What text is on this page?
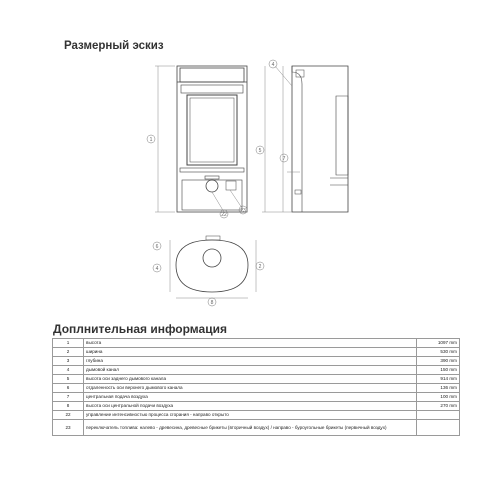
Размерный эскиз
1
22
23
4
5
7
6
4
8
2
Доплнительная информация
1	высота	1097 mm
2	ширина	530 mm
3	глубина	390 mm
4	дымовой канал	150 mm
5	высота оси заднего дымового канала	914 mm
6	отдаленность оси верхнего дымового канала	136 mm
7	центральная подача воздуха	100 mm
8	высота оси центральной подачи воздуха	270 mm
22	управление интенсивностью процесса сгорания - направо открыто	
23	переключатель топлива: налево - древесина, древесные брикеты (вторичный воздух) / направо - буроугольные брикеты (первичный воздух)	
